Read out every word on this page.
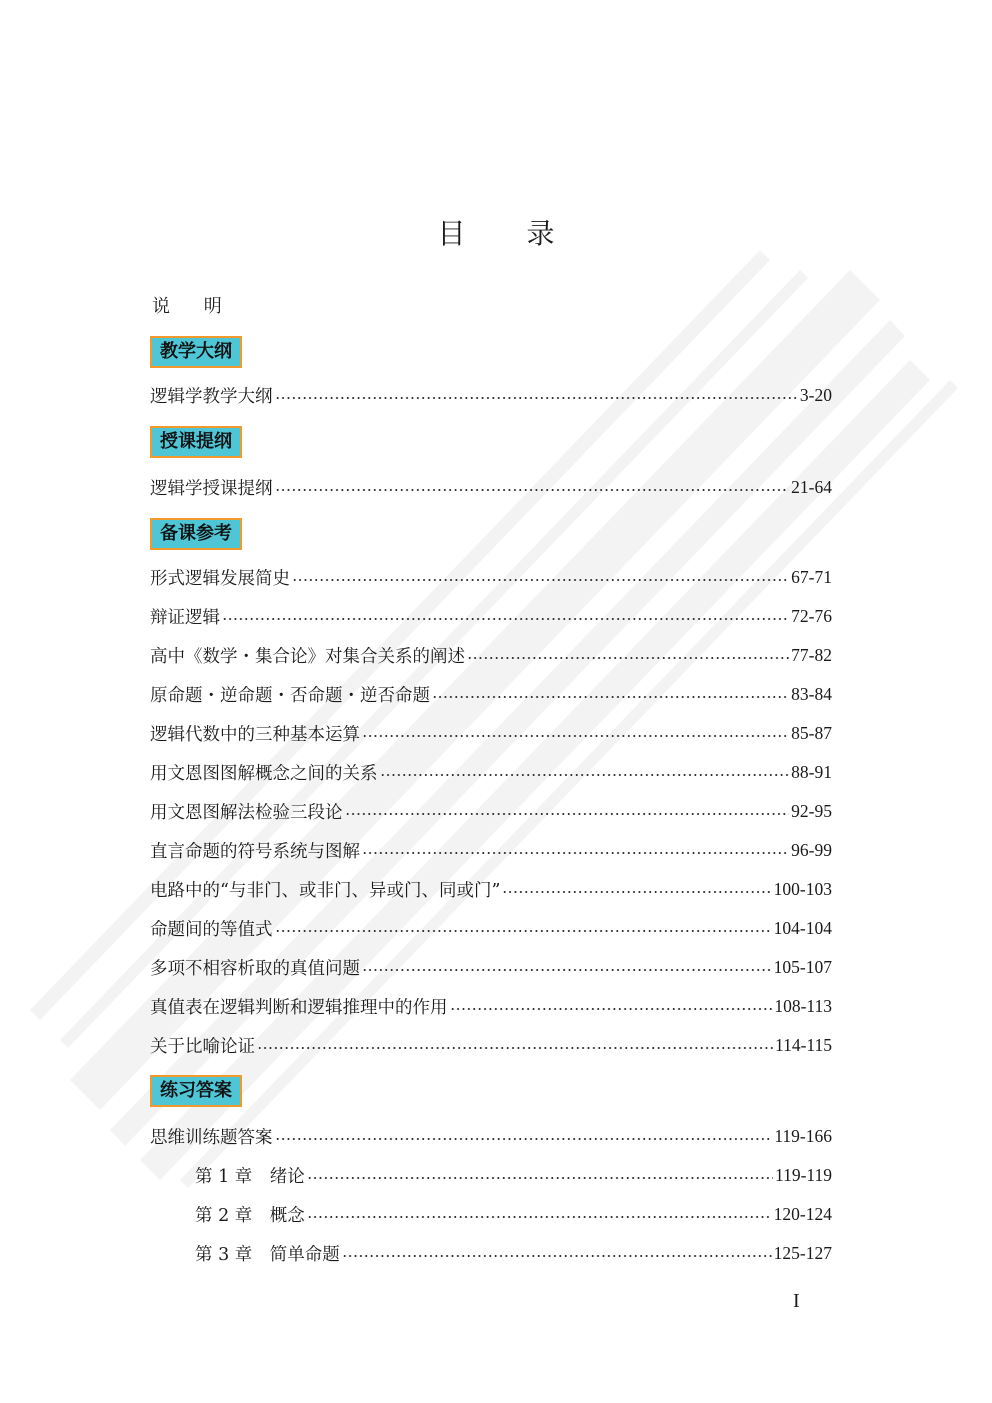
目 录
说 明
教学大纲
逻辑学教学大纲	3-20
授课提纲
逻辑学授课提纲	21-64
备课参考
形式逻辑发展简史	67-71
辩证逻辑	72-76
高中《数学・集合论》对集合关系的阐述	77-82
原命题・逆命题・否命题・逆否命题	83-84
逻辑代数中的三种基本运算	85-87
用文恩图图解概念之间的关系	88-91
用文恩图解法检验三段论	92-95
直言命题的符号系统与图解	96-99
电路中的“与非门、或非门、异或门、同或门”	100-103
命题间的等值式	104-104
多项不相容析取的真值问题	105-107
真值表在逻辑判断和逻辑推理中的作用	108-113
关于比喻论证	114-115
练习答案
思维训练题答案	119-166
第 1 章　绪论	119-119
第 2 章　概念	120-124
第 3 章　简单命题	125-127
I
